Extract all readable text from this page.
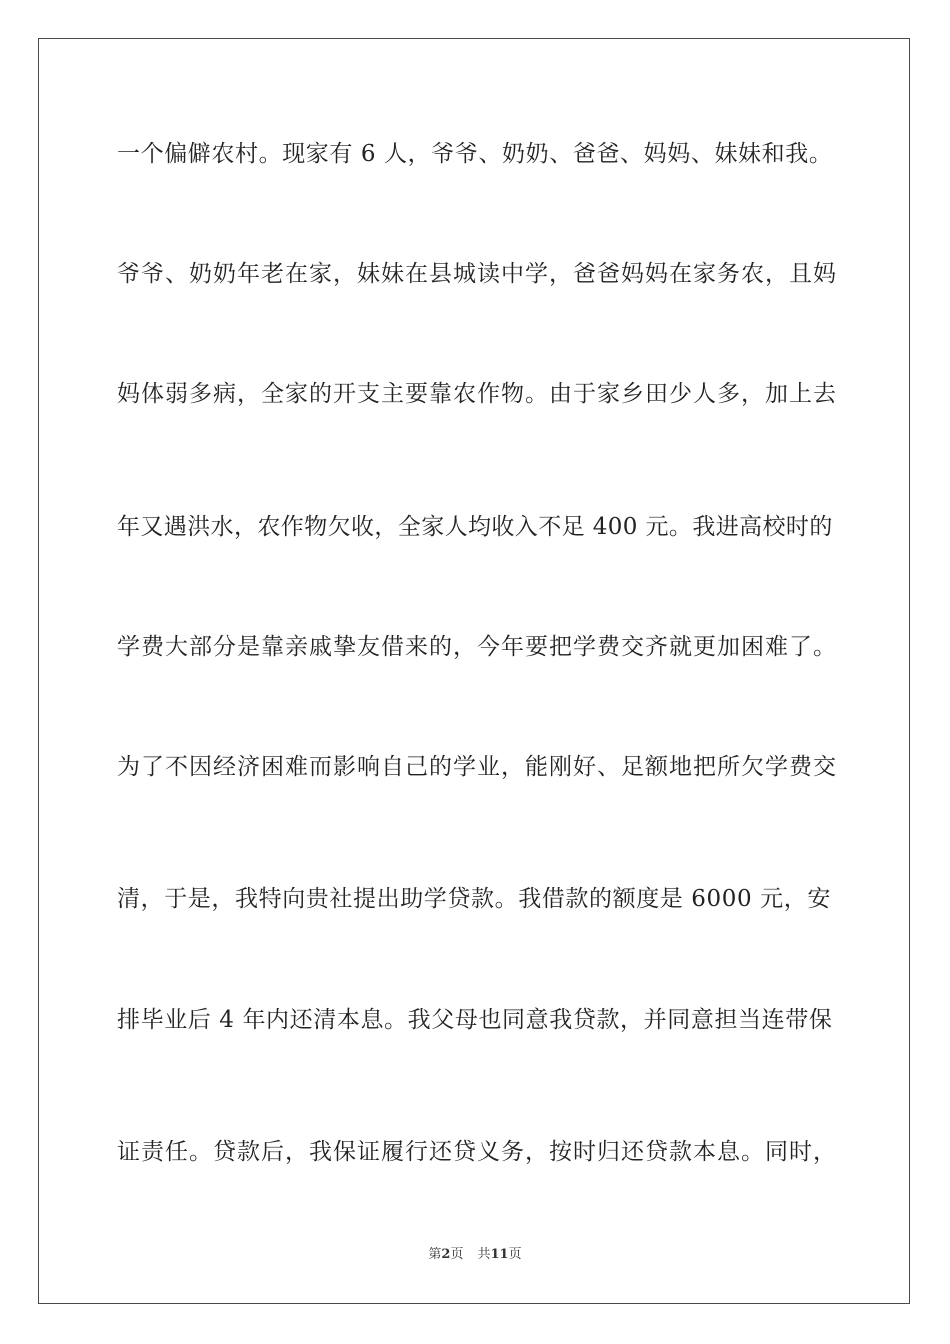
一个偏僻农村。现家有 6 人，爷爷、奶奶、爸爸、妈妈、妹妹和我。
爷爷、奶奶年老在家，妹妹在县城读中学，爸爸妈妈在家务农，且妈
妈体弱多病，全家的开支主要靠农作物。由于家乡田少人多，加上去
年又遇洪水，农作物欠收，全家人均收入不足 400 元。我进高校时的
学费大部分是靠亲戚挚友借来的，今年要把学费交齐就更加困难了。
为了不因经济困难而影响自己的学业，能刚好、足额地把所欠学费交
清，于是，我特向贵社提出助学贷款。我借款的额度是 6000 元，安
排毕业后 4 年内还清本息。我父母也同意我贷款，并同意担当连带保
证责任。贷款后，我保证履行还贷义务，按时归还贷款本息。同时，
第2页 共11页
